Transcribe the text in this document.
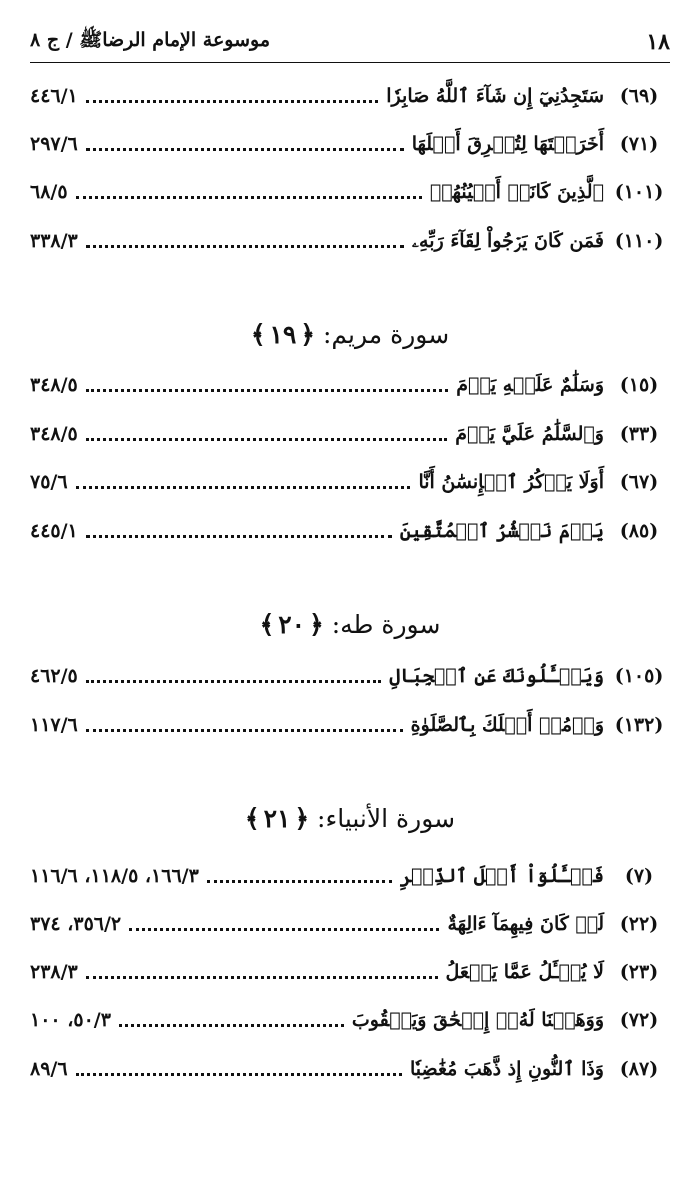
١٨
موسوعة الإمام الرضاﷺ / ج ٨
(٦٩)
سَتَجِدُنِيٓ إِن شَآءَ ٱللَّهُ صَابِرٗا
٤٤٦/١
(٧١)
أَخَرَقۡتَهَا لِتُغۡرِقَ أَهۡلَهَا
٢٩٧/٦
(١٠١)
ٱلَّذِينَ كَانَتۡ أَعۡيُنُهُمۡ
٦٨/٥
(١١٠)
فَمَن كَانَ يَرۡجُواْ لِقَآءَ رَبِّهِۦ
٣٣٨/٣
سورة مريم: ﴿١٩﴾
(١٥)
وَسَلَٰمٌ عَلَيۡهِ يَوۡمَ
٣٤٨/٥
(٣٣)
وَٱلسَّلَٰمُ عَلَيَّ يَوۡمَ
٣٤٨/٥
(٦٧)
أَوَلَا يَذۡكُرُ ٱلۡإِنسَٰنُ أَنَّا
٧٥/٦
(٨٥)
يَوۡمَ نَحۡشُرُ ٱلۡمُتَّقِينَ
٤٤٥/١
سورة طه: ﴿٢٠﴾
(١٠٥)
وَيَسۡـَٔلُونَكَ عَنِ ٱلۡجِبَالِ
٤٦٢/٥
(١٣٢)
وَأۡمُرۡ أَهۡلَكَ بِٱلصَّلَوٰةِ
١١٧/٦
سورة الأنبياء: ﴿٢١﴾
(٧)
فَسۡـَٔلُوٓاْ أَهۡلَ ٱلذِّكۡرِ
١٦٦/٣، ١١٨/٥، ١١٦/٦
(٢٢)
لَوۡ كَانَ فِيهِمَآ ءَالِهَةٌ
٣٥٦/٢، ٣٧٤
(٢٣)
لَا يُسۡـَٔلُ عَمَّا يَفۡعَلُ
٢٣٨/٣
(٧٢)
وَوَهَبۡنَا لَهُۥٓ إِسۡحَٰقَ وَيَعۡقُوبَ
٥٠/٣، ١٠٠
(٨٧)
وَذَا ٱلنُّونِ إِذ ذَّهَبَ مُغَٰضِبٗا
٨٩/٦
